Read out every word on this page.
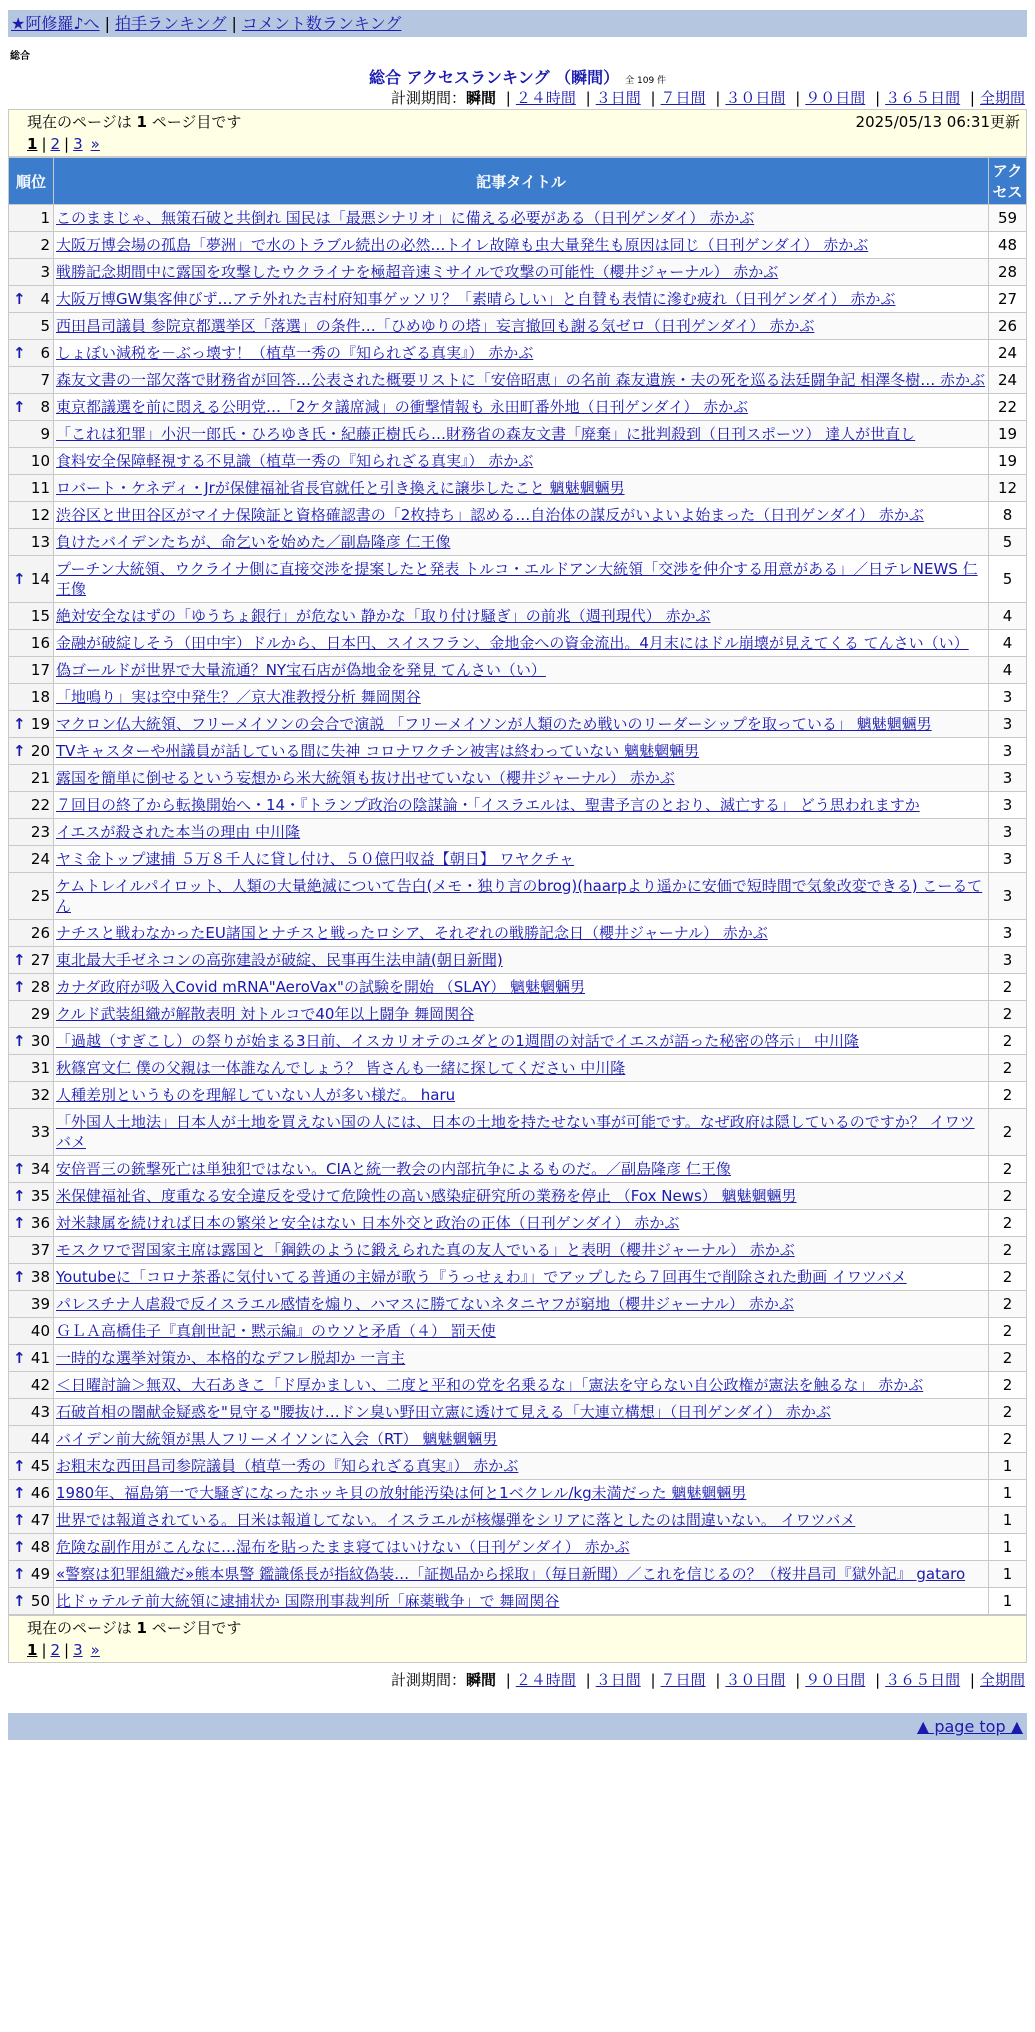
★阿修羅♪へ | 拍手ランキング | コメント数ランキング
総合
総合 アクセスランキング （瞬間） 全 109 件
計測期間：瞬間 | ２４時間 | ３日間 | ７日間 | ３０日間 | ９０日間 | ３６５日間 | 全期間
現在のページは 1 ページ目です	2025/05/13 06:31更新
1 | 2 | 3 »
順位	記事タイトル	アクセス
1	このままじゃ、無策石破と共倒れ 国民は「最悪シナリオ」に備える必要がある（日刊ゲンダイ） 赤かぶ	59
2	大阪万博会場の孤島「夢洲」で水のトラブル続出の必然…トイレ故障も虫大量発生も原因は同じ（日刊ゲンダイ） 赤かぶ	48
3	戦勝記念期間中に露国を攻撃したウクライナを極超音速ミサイルで攻撃の可能性（櫻井ジャーナル） 赤かぶ	28

↑ 4	大阪万博GW集客伸びず…アテ外れた吉村府知事ゲッソリ？「素晴らしい」と自賛も表情に滲む疲れ（日刊ゲンダイ） 赤かぶ	27
5	西田昌司議員 参院京都選挙区「落選」の条件…「ひめゆりの塔」妄言撤回も謝る気ゼロ（日刊ゲンダイ） 赤かぶ	26

↑ 6	しょぼい減税を－ぶっ壊す！（植草一秀の『知られざる真実』） 赤かぶ	24
7	森友文書の一部欠落で財務省が回答…公表された概要リストに「安倍昭恵」の名前 森友遺族・夫の死を巡る法廷闘争記 相澤冬樹… 赤かぶ	24

↑ 8	東京都議選を前に悶える公明党…「2ケタ議席減」の衝撃情報も 永田町番外地（日刊ゲンダイ） 赤かぶ	22
9	「これは犯罪」小沢一郎氏・ひろゆき氏・紀藤正樹氏ら…財務省の森友文書「廃棄」に批判殺到（日刊スポーツ） 達人が世直し	19
10	食料安全保障軽視する不見識（植草一秀の『知られざる真実』） 赤かぶ	19
11	ロバート・ケネディ・Jrが保健福祉省長官就任と引き換えに譲歩したこと 魑魅魍魎男	12
12	渋谷区と世田谷区がマイナ保険証と資格確認書の「2枚持ち」認める…自治体の謀反がいよいよ始まった（日刊ゲンダイ） 赤かぶ	8
13	負けたバイデンたちが、命乞いを始めた／副島隆彦 仁王像	5

↑ 14	プーチン大統領、ウクライナ側に直接交渉を提案したと発表 トルコ・エルドアン大統領「交渉を仲介する用意がある」／日テレNEWS 仁王像	5
15	絶対安全なはずの「ゆうちょ銀行」が危ない 静かな「取り付け騒ぎ」の前兆（週刊現代） 赤かぶ	4
16	金融が破綻しそう（田中宇）ドルから、日本円、スイスフラン、金地金への資金流出。4月末にはドル崩壊が見えてくる てんさい（い）	4
17	偽ゴールドが世界で大量流通？NY宝石店が偽地金を発見 てんさい（い）	4
18	「地鳴り」実は空中発生？／京大准教授分析 舞岡関谷	3

↑ 19	マクロン仏大統領、フリーメイソンの会合で演説 「フリーメイソンが人類のため戦いのリーダーシップを取っている」 魑魅魍魎男	3

↑ 20	TVキャスターや州議員が話している間に失神 コロナワクチン被害は終わっていない 魑魅魍魎男	3
21	露国を簡単に倒せるという妄想から米大統領も抜け出せていない（櫻井ジャーナル） 赤かぶ	3
22	７回目の終了から転換開始へ・14・『トランプ政治の陰謀論・「イスラエルは、聖書予言のとおり、滅亡する」 どう思われますか	3
23	イエスが殺された本当の理由 中川隆	3
24	ヤミ金トップ逮捕 ５万８千人に貸し付け、５０億円収益【朝日】 ワヤクチャ	3
25	ケムトレイルパイロット、人類の大量絶滅について告白(メモ・独り言のbrog)(haarpより遥かに安価で短時間で気象改変できる) こーるてん	3
26	ナチスと戦わなかったEU諸国とナチスと戦ったロシア、それぞれの戦勝記念日（櫻井ジャーナル） 赤かぶ	3

↑ 27	東北最大手ゼネコンの高弥建設が破綻、民事再生法申請(朝日新聞)	3

↑ 28	カナダ政府が吸入Covid mRNA"AeroVax"の試験を開始 （SLAY） 魑魅魍魎男	2
29	クルド武装組織が解散表明 対トルコで40年以上闘争 舞岡関谷	2

↑ 30	「過越（すぎこし）の祭りが始まる3日前、イスカリオテのユダとの1週間の対話でイエスが語った秘密の啓示」 中川隆	2
31	秋篠宮文仁 僕の父親は一体誰なんでしょう？ 皆さんも一緒に探してください 中川隆	2
32	人種差別というものを理解していない人が多い様だ。 haru	2
33	「外国人土地法」日本人が土地を買えない国の人には、日本の土地を持たせない事が可能です。なぜ政府は隠しているのですか？ イワツバメ	2

↑ 34	安倍晋三の銃撃死亡は単独犯ではない。CIAと統一教会の内部抗争によるものだ。／副島隆彦 仁王像	2

↑ 35	米保健福祉省、度重なる安全違反を受けて危険性の高い感染症研究所の業務を停止 （Fox News） 魑魅魍魎男	2

↑ 36	対米隷属を続ければ日本の繁栄と安全はない 日本外交と政治の正体（日刊ゲンダイ） 赤かぶ	2
37	モスクワで習国家主席は露国と「鋼鉄のように鍛えられた真の友人でいる」と表明（櫻井ジャーナル） 赤かぶ	2

↑ 38	Youtubeに「コロナ茶番に気付いてる普通の主婦が歌う『うっせぇわ』」でアップしたら７回再生で削除された動画 イワツバメ	2
39	パレスチナ人虐殺で反イスラエル感情を煽り、ハマスに勝てないネタニヤフが窮地（櫻井ジャーナル） 赤かぶ	2
40	ＧＬＡ高橋佳子『真創世記・黙示編』のウソと矛盾（４） 罰天使	2

↑ 41	一時的な選挙対策か、本格的なデフレ脱却か 一言主	2
42	＜日曜討論＞無双、大石あきこ「ド厚かましい、二度と平和の党を名乗るな」「憲法を守らない自公政権が憲法を触るな」 赤かぶ	2
43	石破首相の闇献金疑惑を"見守る"腰抜け…ドン臭い野田立憲に透けて見える「大連立構想」（日刊ゲンダイ） 赤かぶ	2
44	バイデン前大統領が黒人フリーメイソンに入会（RT） 魑魅魍魎男	2

↑ 45	お粗末な西田昌司参院議員（植草一秀の『知られざる真実』） 赤かぶ	1

↑ 46	1980年、福島第一で大騒ぎになったホッキ貝の放射能汚染は何と1ベクレル/kg未満だった 魑魅魍魎男	1

↑ 47	世界では報道されている。日米は報道してない。イスラエルが核爆弾をシリアに落としたのは間違いない。 イワツバメ	1

↑ 48	危険な副作用がこんなに…湿布を貼ったまま寝てはいけない（日刊ゲンダイ） 赤かぶ	1

↑ 49	«警察は犯罪組織だ»熊本県警 鑑識係長が指紋偽装…「証拠品から採取」（毎日新聞）／これを信じるの？（桜井昌司『獄外記』 gataro	1

↑ 50	比ドゥテルテ前大統領に逮捕状か 国際刑事裁判所「麻薬戦争」で 舞岡関谷	1
現在のページは 1 ページ目です
1 | 2 | 3 »
計測期間：瞬間 | ２４時間 | ３日間 | ７日間 | ３０日間 | ９０日間 | ３６５日間 | 全期間
▲ page top ▲
